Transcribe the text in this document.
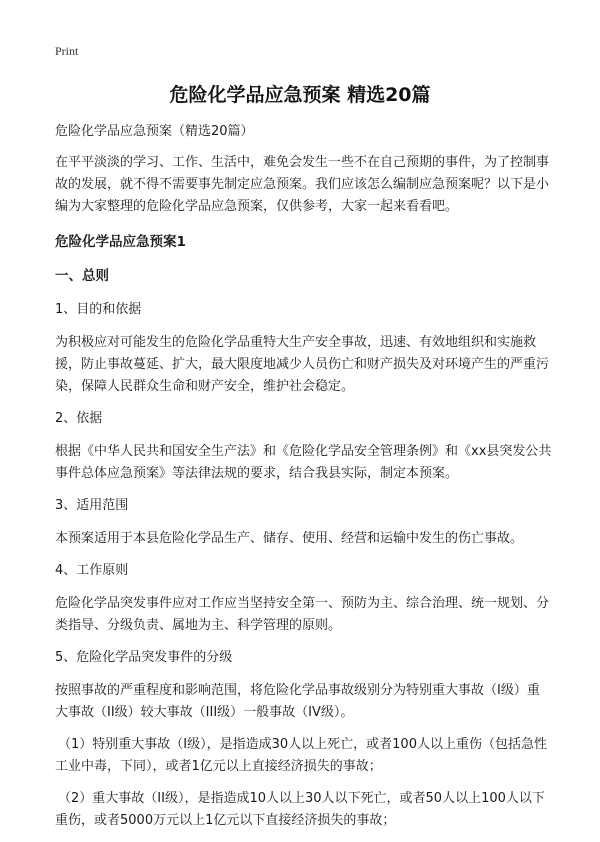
Print
危险化学品应急预案 精选20篇

危险化学品应急预案（精选20篇）

在平平淡淡的学习、工作、生活中，难免会发生一些不在自己预期的事件，为了控制事故的发展，就不得不需要事先制定应急预案。我们应该怎么编制应急预案呢？以下是小编为大家整理的危险化学品应急预案，仅供参考，大家一起来看看吧。

危险化学品应急预案1

一、总则

1、目的和依据

为积极应对可能发生的危险化学品重特大生产安全事故，迅速、有效地组织和实施救援，防止事故蔓延、扩大，最大限度地减少人员伤亡和财产损失及对环境产生的严重污染，保障人民群众生命和财产安全，维护社会稳定。

2、依据

根据《中华人民共和国安全生产法》和《危险化学品安全管理条例》和《xx县突发公共事件总体应急预案》等法律法规的要求，结合我县实际，制定本预案。

3、适用范围

本预案适用于本县危险化学品生产、储存、使用、经营和运输中发生的伤亡事故。

4、工作原则

危险化学品突发事件应对工作应当坚持安全第一、预防为主、综合治理、统一规划、分类指导、分级负责、属地为主、科学管理的原则。

5、危险化学品突发事件的分级

按照事故的严重程度和影响范围，将危险化学品事故级别分为特别重大事故（I级）重大事故（II级）较大事故（III级）一般事故（IV级）。

（1）特别重大事故（I级），是指造成30人以上死亡，或者100人以上重伤（包括急性工业中毒，下同），或者1亿元以上直接经济损失的事故；

（2）重大事故（II级），是指造成10人以上30人以下死亡，或者50人以上100人以下重伤，或者5000万元以上1亿元以下直接经济损失的事故；
